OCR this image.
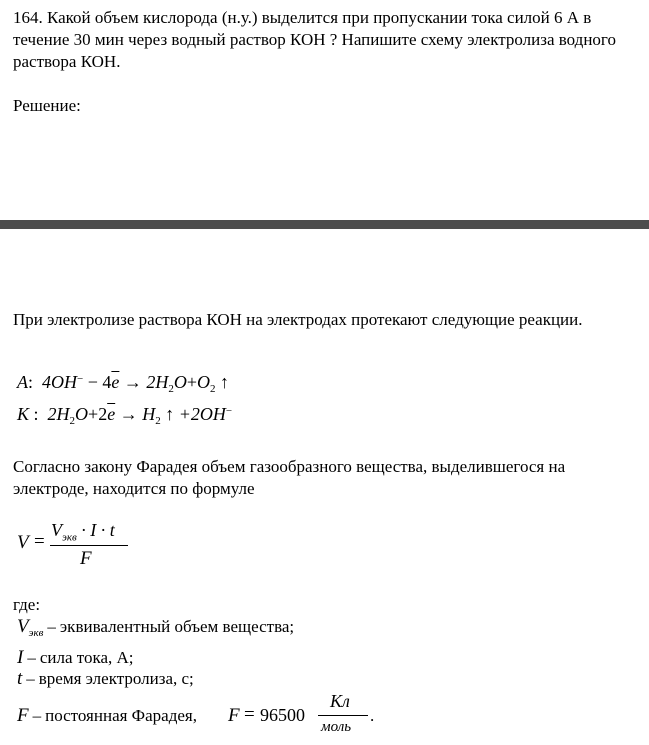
164. Какой объем кислорода (н.у.) выделится при пропускании тока силой 6 А в течение 30 мин через водный раствор КОН ? Напишите схему электролиза водного раствора КОН.

Решение:

При электролизе раствора КОН на электродах протекают следующие реакции.

A: $4OH^- - 4\overline{e} \to 2H_2O+O_2$ ↑
K : $2H_2O+2\overline{e} \to H_2$ ↑ +2OH−

Согласно закону Фарадея объем газообразного вещества, выделившегося на электроде, находится по формуле

V =
$V_{экв} \cdot I \cdot t$
F

где:

$V_{экв}$ – эквивалентный объем вещества;
I – сила тока, А;
t – время электролиза, с;
F – постоянная Фарадея, F = 96500
Кл
моль
.
